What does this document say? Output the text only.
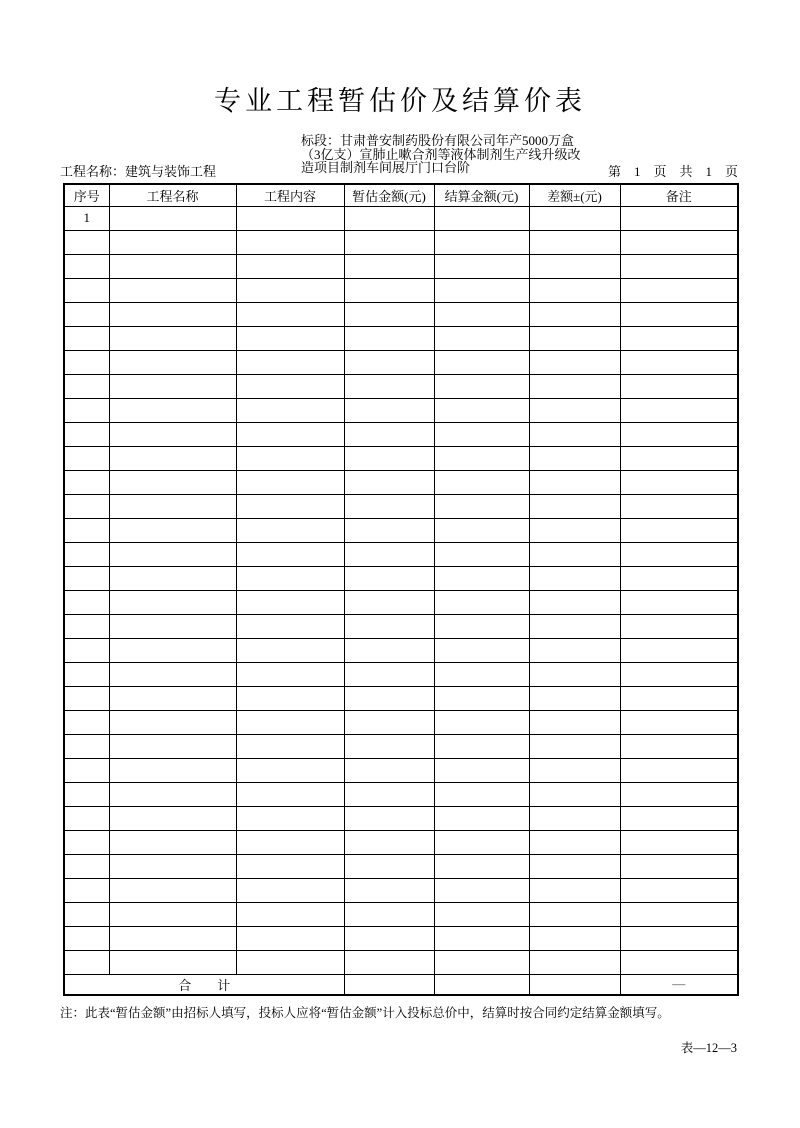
专业工程暂估价及结算价表
工程名称：建筑与装饰工程
标段：甘肃普安制药股份有限公司年产5000万盒
（3亿支）宣肺止嗽合剂等液体制剂生产线升级改
造项目制剂车间展厅门口台阶	第　1　页　共　1　页
序号	工程名称	工程内容	暂估金额(元)	结算金额(元)	差额±(元)	备注
1						

合　　计						—
注：此表“暂估金额”由招标人填写，投标人应将“暂估金额”计入投标总价中，结算时按合同约定结算金额填写。
表—12—3
